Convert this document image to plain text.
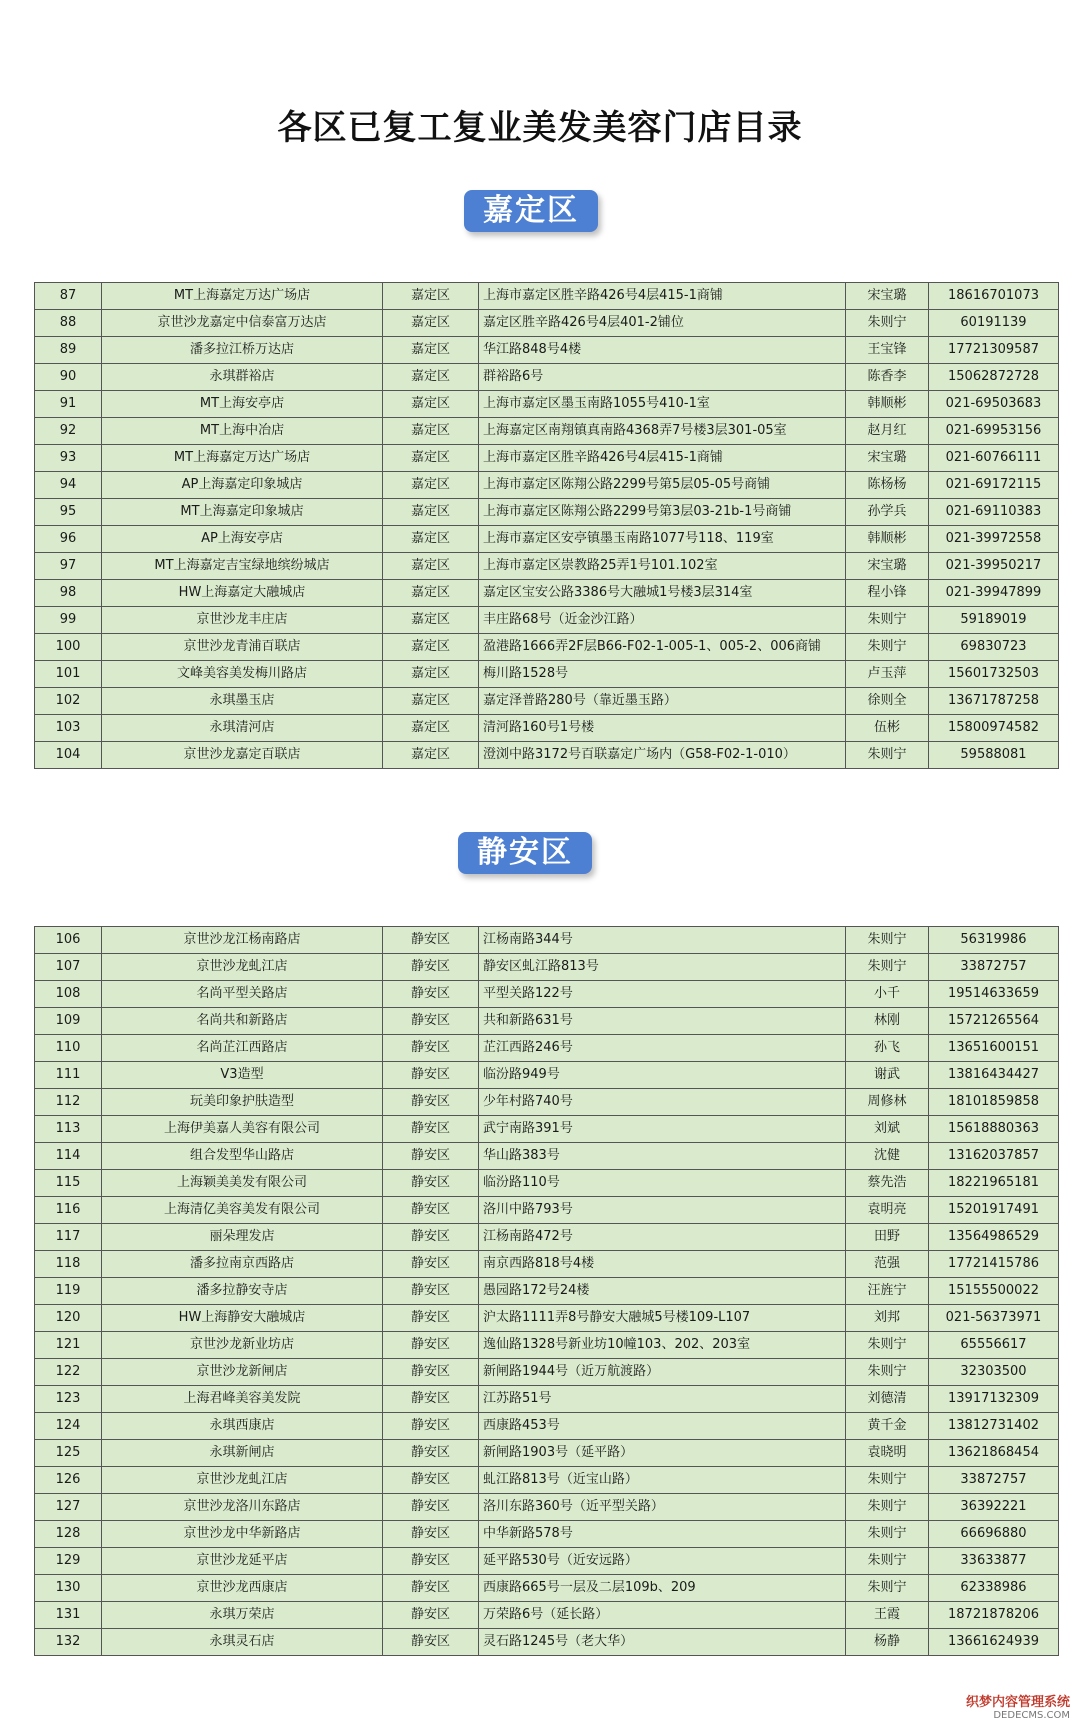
各区已复工复业美发美容门店目录
嘉定区
87	MT上海嘉定万达广场店	嘉定区	上海市嘉定区胜辛路426号4层415-1商铺	宋宝璐	18616701073
88	京世沙龙嘉定中信泰富万达店	嘉定区	嘉定区胜辛路426号4层401-2铺位	朱则宁	60191139
89	潘多拉江桥万达店	嘉定区	华江路848号4楼	王宝锋	17721309587
90	永琪群裕店	嘉定区	群裕路6号	陈香李	15062872728
91	MT上海安亭店	嘉定区	上海市嘉定区墨玉南路1055号410-1室	韩顺彬	021-69503683
92	MT上海中冶店	嘉定区	上海嘉定区南翔镇真南路4368弄7号楼3层301-05室	赵月红	021-69953156
93	MT上海嘉定万达广场店	嘉定区	上海市嘉定区胜辛路426号4层415-1商铺	宋宝璐	021-60766111
94	AP上海嘉定印象城店	嘉定区	上海市嘉定区陈翔公路2299号第5层05-05号商铺	陈杨杨	021-69172115
95	MT上海嘉定印象城店	嘉定区	上海市嘉定区陈翔公路2299号第3层03-21b-1号商铺	孙学兵	021-69110383
96	AP上海安亭店	嘉定区	上海市嘉定区安亭镇墨玉南路1077号118、119室	韩顺彬	021-39972558
97	MT上海嘉定吉宝绿地缤纷城店	嘉定区	上海市嘉定区崇教路25弄1号101.102室	宋宝璐	021-39950217
98	HW上海嘉定大融城店	嘉定区	嘉定区宝安公路3386号大融城1号楼3层314室	程小锋	021-39947899
99	京世沙龙丰庄店	嘉定区	丰庄路68号（近金沙江路）	朱则宁	59189019
100	京世沙龙青浦百联店	嘉定区	盈港路1666弄2F层B66-F02-1-005-1、005-2、006商铺	朱则宁	69830723
101	文峰美容美发梅川路店	嘉定区	梅川路1528号	卢玉萍	15601732503
102	永琪墨玉店	嘉定区	嘉定泽普路280号（靠近墨玉路）	徐则全	13671787258
103	永琪清河店	嘉定区	清河路160号1号楼	伍彬	15800974582
104	京世沙龙嘉定百联店	嘉定区	澄浏中路3172号百联嘉定广场内（G58-F02-1-010）	朱则宁	59588081
静安区
106	京世沙龙江杨南路店	静安区	江杨南路344号	朱则宁	56319986
107	京世沙龙虬江店	静安区	静安区虬江路813号	朱则宁	33872757
108	名尚平型关路店	静安区	平型关路122号	小千	19514633659
109	名尚共和新路店	静安区	共和新路631号	林刚	15721265564
110	名尚芷江西路店	静安区	芷江西路246号	孙飞	13651600151
111	V3造型	静安区	临汾路949号	谢武	13816434427
112	玩美印象护肤造型	静安区	少年村路740号	周修林	18101859858
113	上海伊美嘉人美容有限公司	静安区	武宁南路391号	刘斌	15618880363
114	组合发型华山路店	静安区	华山路383号	沈健	13162037857
115	上海颖美美发有限公司	静安区	临汾路110号	蔡先浩	18221965181
116	上海清亿美容美发有限公司	静安区	洛川中路793号	袁明亮	15201917491
117	丽朵理发店	静安区	江杨南路472号	田野	13564986529
118	潘多拉南京西路店	静安区	南京西路818号4楼	范强	17721415786
119	潘多拉静安寺店	静安区	愚园路172号24楼	汪旌宁	15155500022
120	HW上海静安大融城店	静安区	沪太路1111弄8号静安大融城5号楼109-L107	刘邦	021-56373971
121	京世沙龙新业坊店	静安区	逸仙路1328号新业坊10幢103、202、203室	朱则宁	65556617
122	京世沙龙新闸店	静安区	新闸路1944号（近万航渡路）	朱则宁	32303500
123	上海君峰美容美发院	静安区	江苏路51号	刘德清	13917132309
124	永琪西康店	静安区	西康路453号	黄千金	13812731402
125	永琪新闸店	静安区	新闸路1903号（延平路）	袁晓明	13621868454
126	京世沙龙虬江店	静安区	虬江路813号（近宝山路）	朱则宁	33872757
127	京世沙龙洛川东路店	静安区	洛川东路360号（近平型关路）	朱则宁	36392221
128	京世沙龙中华新路店	静安区	中华新路578号	朱则宁	66696880
129	京世沙龙延平店	静安区	延平路530号（近安远路）	朱则宁	33633877
130	京世沙龙西康店	静安区	西康路665号一层及二层109b、209	朱则宁	62338986
131	永琪万荣店	静安区	万荣路6号（延长路）	王霞	18721878206
132	永琪灵石店	静安区	灵石路1245号（老大华）	杨静	13661624939
织梦内容管理系统
DEDECMS.COM
